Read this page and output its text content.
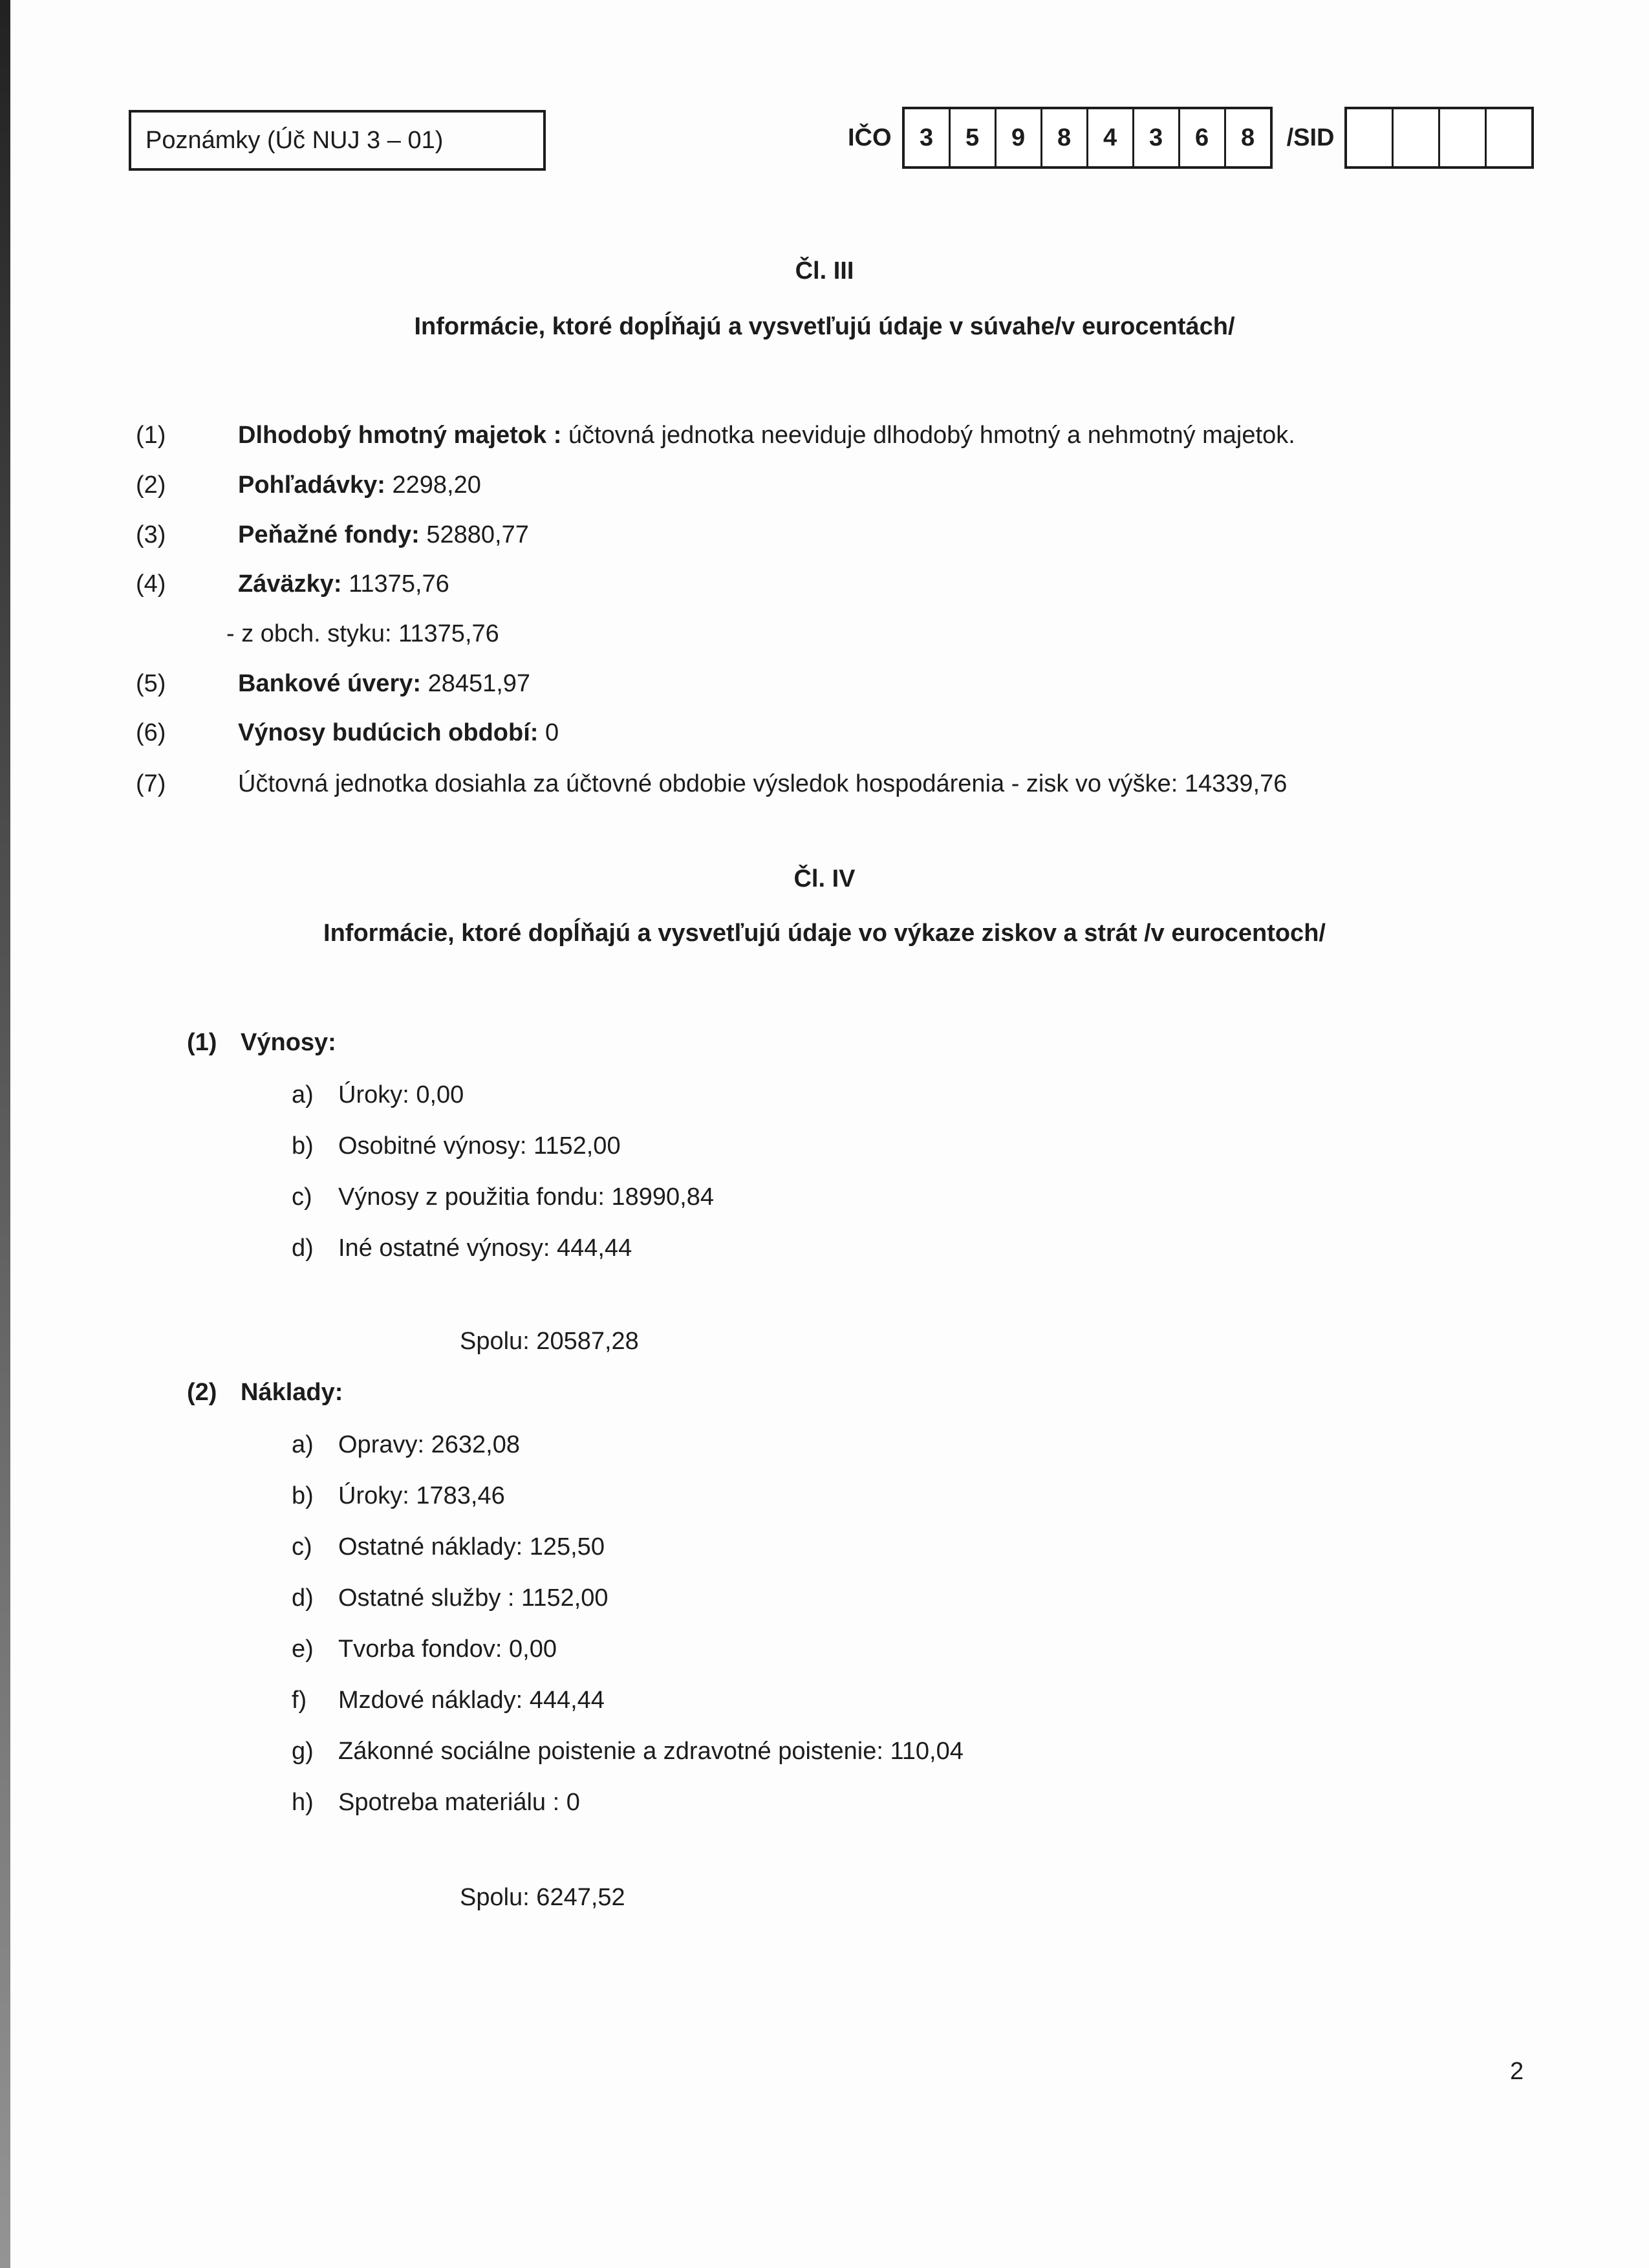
Poznámky (Úč NUJ 3 – 01)	IČO	3	5	9	8	4	3	6	8	/SID
Čl. III
Informácie, ktoré dopĺňajú a vysvetľujú údaje v súvahe/v eurocentách/
(1)	Dlhodobý hmotný majetok : účtovná jednotka neeviduje dlhodobý hmotný a nehmotný majetok.
(2)	Pohľadávky: 2298,20
(3)	Peňažné fondy: 52880,77
(4)	Záväzky: 11375,76
- z obch. styku: 11375,76
(5)	Bankové úvery: 28451,97
(6)	Výnosy budúcich období: 0
(7)	Účtovná jednotka dosiahla za účtovné obdobie výsledok hospodárenia - zisk vo výške: 14339,76
Čl. IV
Informácie, ktoré dopĺňajú a vysvetľujú údaje vo výkaze ziskov a strát /v eurocentoch/
(1) Výnosy:
a) Úroky: 0,00
b) Osobitné výnosy: 1152,00
c) Výnosy z použitia fondu: 18990,84
d) Iné ostatné výnosy: 444,44
Spolu: 20587,28
(2) Náklady:
a) Opravy: 2632,08
b) Úroky: 1783,46
c) Ostatné náklady: 125,50
d) Ostatné služby : 1152,00
e) Tvorba fondov: 0,00
f) Mzdové náklady: 444,44
g) Zákonné sociálne poistenie a zdravotné poistenie: 110,04
h) Spotreba materiálu : 0
Spolu: 6247,52
2
